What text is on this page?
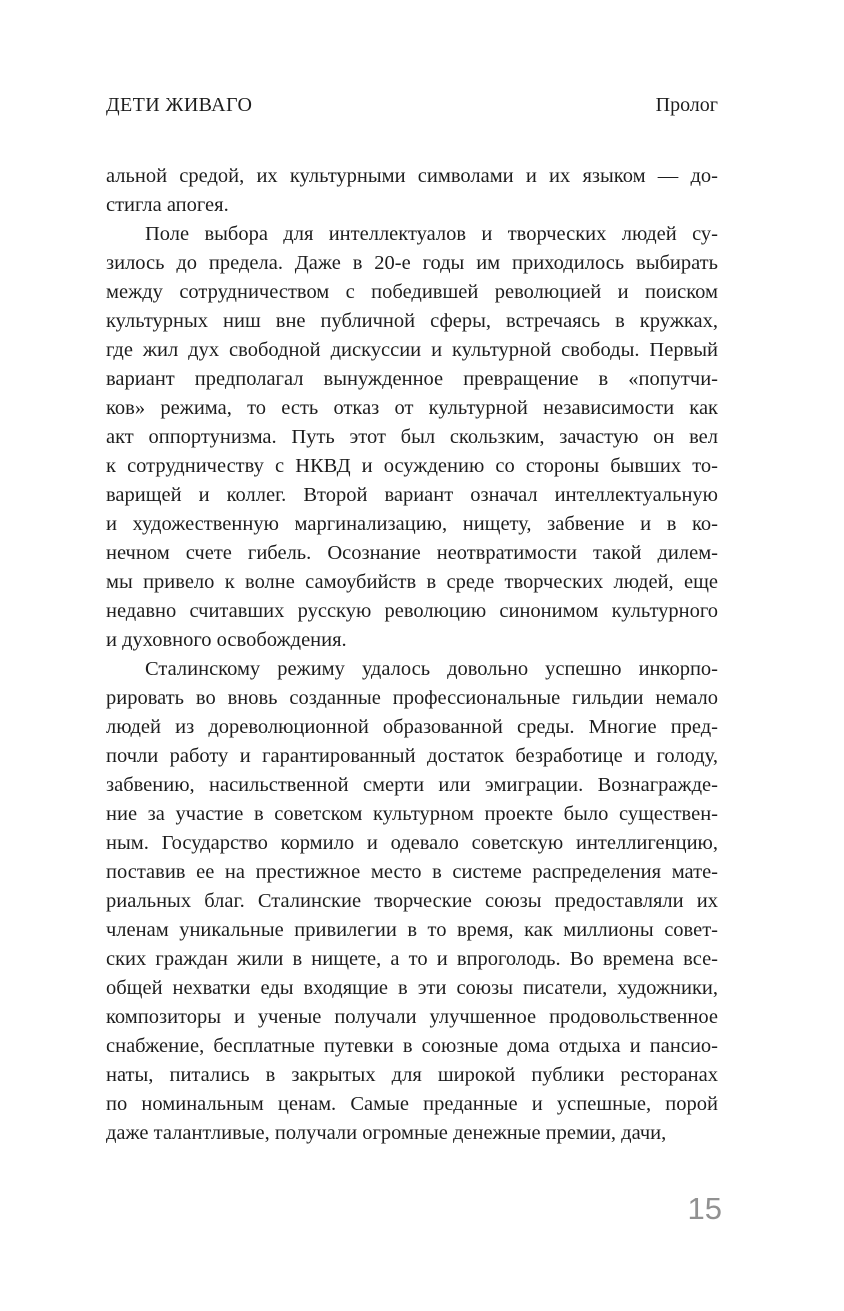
ДЕТИ ЖИВАГО	Пролог
альной средой, их культурными символами и их языком — до-
стигла апогея.
Поле выбора для интеллектуалов и творческих людей су-
зилось до предела. Даже в 20-е годы им приходилось выбирать
между сотрудничеством с победившей революцией и поиском
культурных ниш вне публичной сферы, встречаясь в кружках,
где жил дух свободной дискуссии и культурной свободы. Первый
вариант предполагал вынужденное превращение в «попутчи-
ков» режима, то есть отказ от культурной независимости как
акт оппортунизма. Путь этот был скользким, зачастую он вел
к сотрудничеству с НКВД и осуждению со стороны бывших то-
варищей и коллег. Второй вариант означал интеллектуальную
и художественную маргинализацию, нищету, забвение и в ко-
нечном счете гибель. Осознание неотвратимости такой дилем-
мы привело к волне самоубийств в среде творческих людей, еще
недавно считавших русскую революцию синонимом культурного
и духовного освобождения.
Сталинскому режиму удалось довольно успешно инкорпо-
рировать во вновь созданные профессиональные гильдии немало
людей из дореволюционной образованной среды. Многие пред-
почли работу и гарантированный достаток безработице и голоду,
забвению, насильственной смерти или эмиграции. Вознагражде-
ние за участие в советском культурном проекте было существен-
ным. Государство кормило и одевало советскую интеллигенцию,
поставив ее на престижное место в системе распределения мате-
риальных благ. Сталинские творческие союзы предоставляли их
членам уникальные привилегии в то время, как миллионы совет-
ских граждан жили в нищете, а то и впроголодь. Во времена все-
общей нехватки еды входящие в эти союзы писатели, художники,
композиторы и ученые получали улучшенное продовольственное
снабжение, бесплатные путевки в союзные дома отдыха и пансио-
наты, питались в закрытых для широкой публики ресторанах
по номинальным ценам. Самые преданные и успешные, порой
даже талантливые, получали огромные денежные премии, дачи,
15
